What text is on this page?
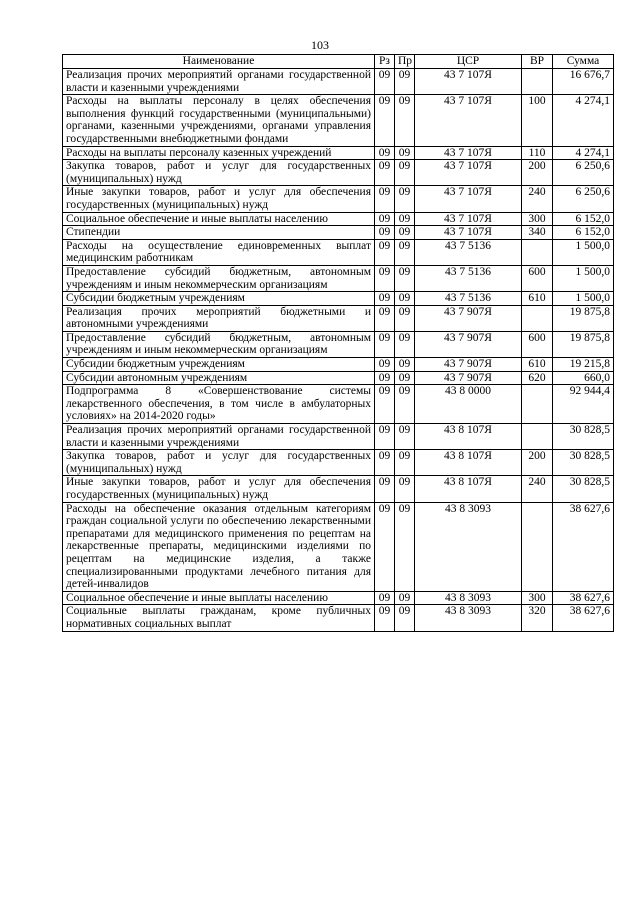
103
Наименование	Рз	Пр	ЦСР	ВР	Сумма
Реализация прочих мероприятий органами государственной власти и казенными учреждениями	09	09	43 7 107Я		16 676,7
Расходы на выплаты персоналу в целях обеспечения выполнения функций государственными (муниципальными) органами, казенными учреждениями, органами управления государственными внебюджетными фондами	09	09	43 7 107Я	100	4 274,1
Расходы на выплаты персоналу казенных учреждений	09	09	43 7 107Я	110	4 274,1
Закупка товаров, работ и услуг для государственных (муниципальных) нужд	09	09	43 7 107Я	200	6 250,6
Иные закупки товаров, работ и услуг для обеспечения государственных (муниципальных) нужд	09	09	43 7 107Я	240	6 250,6
Социальное обеспечение и иные выплаты населению	09	09	43 7 107Я	300	6 152,0
Стипендии	09	09	43 7 107Я	340	6 152,0
Расходы на осуществление единовременных выплат медицинским работникам	09	09	43 7 5136		1 500,0
Предоставление субсидий бюджетным, автономным учреждениям и иным некоммерческим организациям	09	09	43 7 5136	600	1 500,0
Субсидии бюджетным учреждениям	09	09	43 7 5136	610	1 500,0
Реализация прочих мероприятий бюджетными и автономными учреждениями	09	09	43 7 907Я		19 875,8
Предоставление субсидий бюджетным, автономным учреждениям и иным некоммерческим организациям	09	09	43 7 907Я	600	19 875,8
Субсидии бюджетным учреждениям	09	09	43 7 907Я	610	19 215,8
Субсидии автономным учреждениям	09	09	43 7 907Я	620	660,0
Подпрограмма 8 «Совершенствование системы лекарственного обеспечения, в том числе в амбулаторных условиях» на 2014-2020 годы»	09	09	43 8 0000		92 944,4
Реализация прочих мероприятий органами государственной власти и казенными учреждениями	09	09	43 8 107Я		30 828,5
Закупка товаров, работ и услуг для государственных (муниципальных) нужд	09	09	43 8 107Я	200	30 828,5
Иные закупки товаров, работ и услуг для обеспечения государственных (муниципальных) нужд	09	09	43 8 107Я	240	30 828,5
Расходы на обеспечение оказания отдельным категориям граждан социальной услуги по обеспечению лекарственными препаратами для медицинского применения по рецептам на лекарственные препараты, медицинскими изделиями по рецептам на медицинские изделия, а также специализированными продуктами лечебного питания для детей-инвалидов	09	09	43 8 3093		38 627,6
Социальное обеспечение и иные выплаты населению	09	09	43 8 3093	300	38 627,6
Социальные выплаты гражданам, кроме публичных нормативных социальных выплат	09	09	43 8 3093	320	38 627,6
